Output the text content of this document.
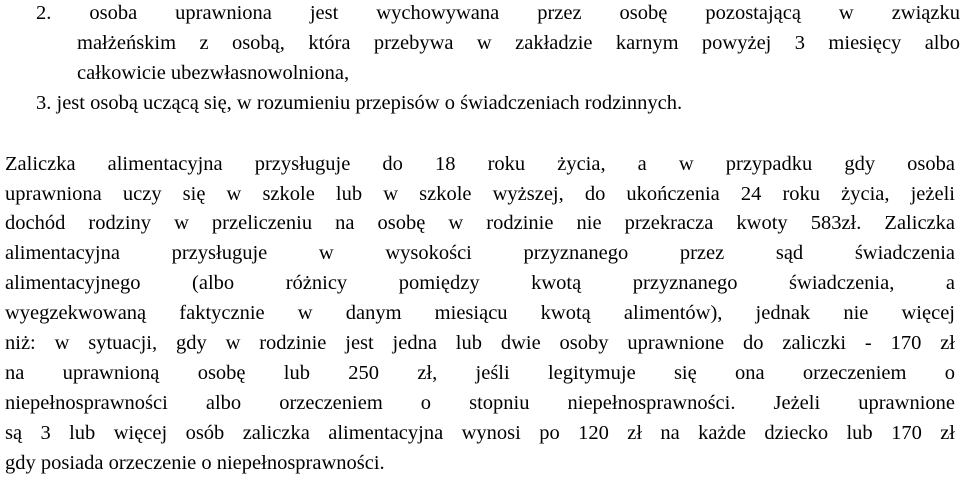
2. osoba uprawniona jest wychowywana przez osobę pozostającą w związku
małżeńskim z osobą, która przebywa w zakładzie karnym powyżej 3 miesięcy albo
całkowicie ubezwłasnowolniona,
3. jest osobą uczącą się, w rozumieniu przepisów o świadczeniach rodzinnych.
Zaliczka alimentacyjna przysługuje do 18 roku życia, a w przypadku gdy osoba
uprawniona uczy się w szkole lub w szkole wyższej, do ukończenia 24 roku życia, jeżeli
dochód rodziny w przeliczeniu na osobę w rodzinie nie przekracza kwoty 583zł. Zaliczka
alimentacyjna przysługuje w wysokości przyznanego przez sąd świadczenia
alimentacyjnego (albo różnicy pomiędzy kwotą przyznanego świadczenia, a
wyegzekwowaną faktycznie w danym miesiącu kwotą alimentów), jednak nie więcej
niż: w sytuacji, gdy w rodzinie jest jedna lub dwie osoby uprawnione do zaliczki - 170 zł
na uprawnioną osobę lub 250 zł, jeśli legitymuje się ona orzeczeniem o
niepełnosprawności albo orzeczeniem o stopniu niepełnosprawności. Jeżeli uprawnione
są 3 lub więcej osób zaliczka alimentacyjna wynosi po 120 zł na każde dziecko lub 170 zł
gdy posiada orzeczenie o niepełnosprawności.
